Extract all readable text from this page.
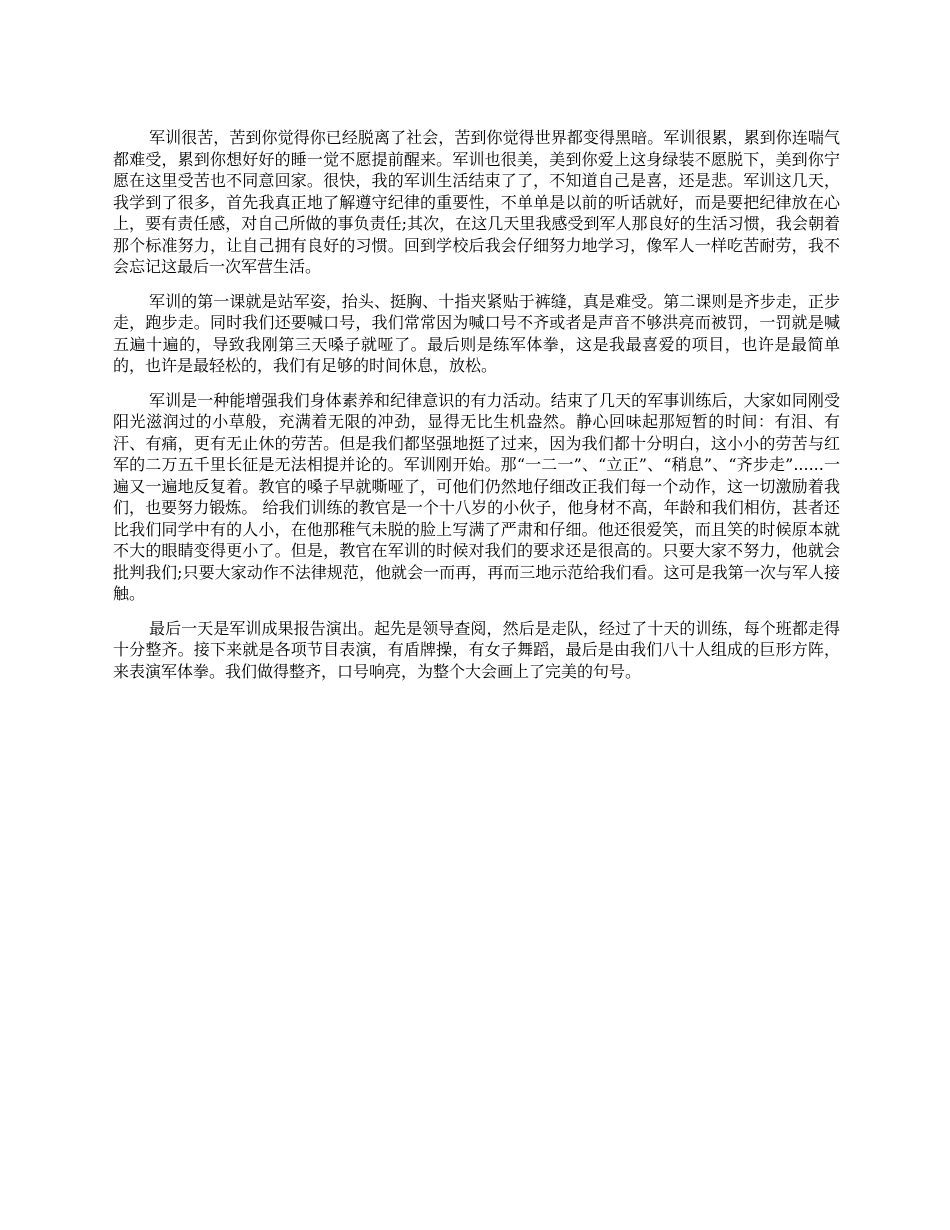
军训很苦，苦到你觉得你已经脱离了社会，苦到你觉得世界都变得黑暗。军训很累，累到你连喘气都难受，累到你想好好的睡一觉不愿提前醒来。军训也很美，美到你爱上这身绿装不愿脱下，美到你宁愿在这里受苦也不同意回家。很快，我的军训生活结束了了，不知道自己是喜，还是悲。军训这几天，我学到了很多，首先我真正地了解遵守纪律的重要性，不单单是以前的听话就好，而是要把纪律放在心上，要有责任感，对自己所做的事负责任;其次，在这几天里我感受到军人那良好的生活习惯，我会朝着那个标准努力，让自己拥有良好的习惯。回到学校后我会仔细努力地学习，像军人一样吃苦耐劳，我不会忘记这最后一次军营生活。

军训的第一课就是站军姿，抬头、挺胸、十指夹紧贴于裤缝，真是难受。第二课则是齐步走，正步走，跑步走。同时我们还要喊口号，我们常常因为喊口号不齐或者是声音不够洪亮而被罚，一罚就是喊五遍十遍的，导致我刚第三天嗓子就哑了。最后则是练军体拳，这是我最喜爱的项目，也许是最简单的，也许是最轻松的，我们有足够的时间休息，放松。

军训是一种能增强我们身体素养和纪律意识的有力活动。结束了几天的军事训练后，大家如同刚受阳光滋润过的小草般，充满着无限的冲劲，显得无比生机盎然。静心回味起那短暂的时间：有泪、有汗、有痛，更有无止休的劳苦。但是我们都坚强地挺了过来，因为我们都十分明白，这小小的劳苦与红军的二万五千里长征是无法相提并论的。军训刚开始。那“一二一”、“立正”、“稍息”、“齐步走”......一遍又一遍地反复着。教官的嗓子早就嘶哑了，可他们仍然地仔细改正我们每一个动作，这一切激励着我们，也要努力锻炼。 给我们训练的教官是一个十八岁的小伙子，他身材不高，年龄和我们相仿，甚者还比我们同学中有的人小，在他那稚气未脱的脸上写满了严肃和仔细。他还很爱笑，而且笑的时候原本就不大的眼睛变得更小了。但是，教官在军训的时候对我们的要求还是很高的。只要大家不努力，他就会批判我们;只要大家动作不法律规范，他就会一而再，再而三地示范给我们看。这可是我第一次与军人接触。

最后一天是军训成果报告演出。起先是领导查阅，然后是走队，经过了十天的训练，每个班都走得十分整齐。接下来就是各项节目表演，有盾牌操，有女子舞蹈，最后是由我们八十人组成的巨形方阵，来表演军体拳。我们做得整齐，口号响亮，为整个大会画上了完美的句号。
